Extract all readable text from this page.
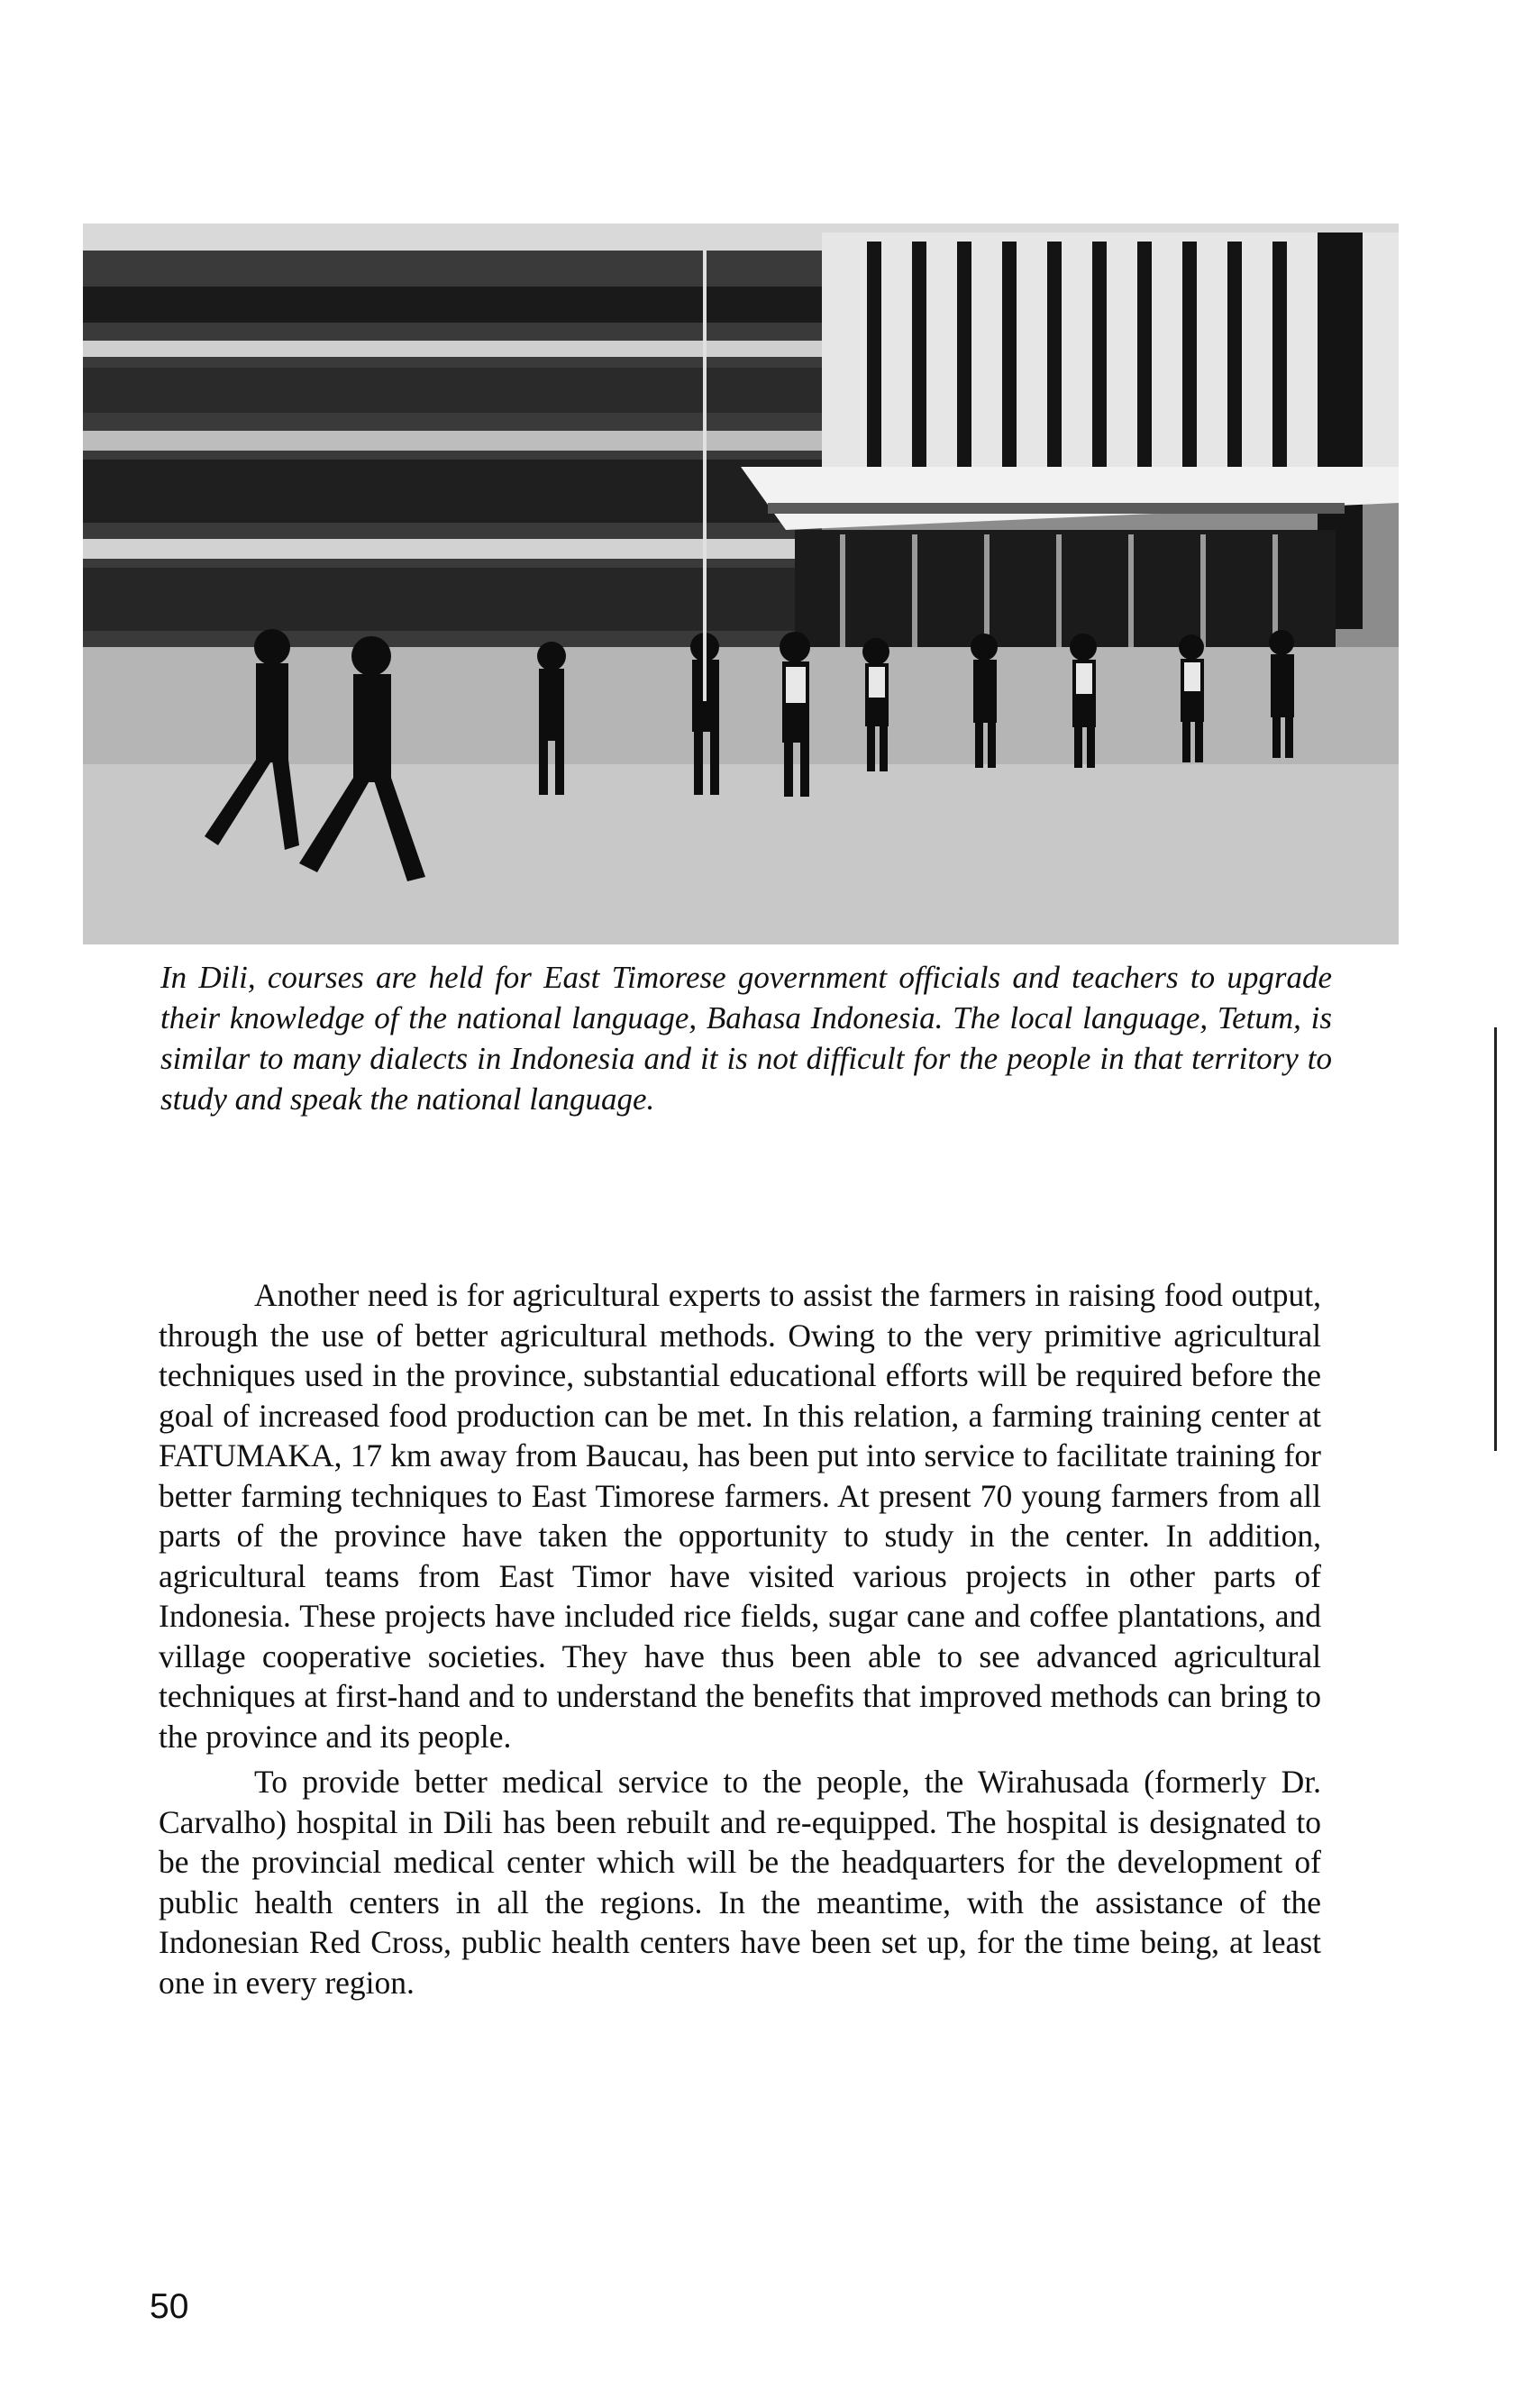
In Dili, courses are held for East Timorese government officials and teachers to upgrade their knowledge of the national language, Bahasa Indonesia. The local language, Tetum, is similar to many dialects in Indonesia and it is not difficult for the people in that territory to study and speak the national language.

Another need is for agricultural experts to assist the farmers in raising food output, through the use of better agricultural methods. Owing to the very primitive agricultural techniques used in the province, substantial educational efforts will be required before the goal of increased food production can be met. In this relation, a farming training center at FATUMAKA, 17 km away from Baucau, has been put into service to facilitate training for better farming techniques to East Timorese farmers. At present 70 young farmers from all parts of the province have taken the opportunity to study in the center. In addition, agricultural teams from East Timor have visited various projects in other parts of Indonesia. These projects have included rice fields, sugar cane and coffee plantations, and village cooperative societies. They have thus been able to see advanced agricultural techniques at first-hand and to understand the benefits that improved methods can bring to the province and its people.

To provide better medical service to the people, the Wirahusada (formerly Dr. Carvalho) hospital in Dili has been rebuilt and re-equipped. The hospital is designated to be the provincial medical center which will be the headquarters for the development of public health centers in all the regions. In the meantime, with the assistance of the Indonesian Red Cross, public health centers have been set up, for the time being, at least one in every region.

50
